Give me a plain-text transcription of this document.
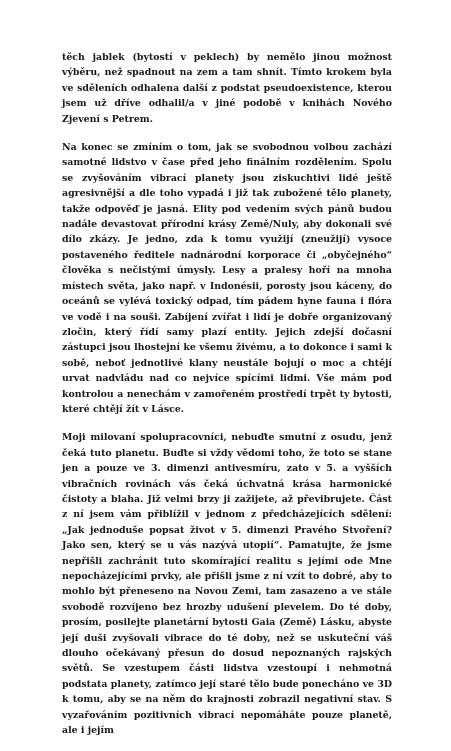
těch jablek (bytostí v peklech) by nemělo jinou možnost výběru, než spadnout na zem a tam shnít. Tímto krokem byla ve sděleních odhalena další z podstat pseudoexistence, kterou jsem už dříve odhalil/a v jiné podobě v knihách Nového Zjevení s Petrem.

Na konec se zmíním o tom, jak se svobodnou volbou zachází samotné lidstvo v čase před jeho finálním rozdělením. Spolu se zvyšováním vibrací planety jsou ziskuchtivi lidé ještě agresivnější a dle toho vypadá i již tak zubožené tělo planety, takže odpověď je jasná. Elity pod vedením svých pánů budou nadále devastovat přírodní krásy Země/Nuly, aby dokonali své dílo zkázy. Je jedno, zda k tomu využijí (zneužijí) vysoce postaveného ředitele nadnárodní korporace či „obyčejného“ člověka s nečistými úmysly. Lesy a pralesy hoří na mnoha místech světa, jako např. v Indonésii, porosty jsou káceny, do oceánů se vylévá toxický odpad, tím pádem hyne fauna i flóra ve vodě i na souši. Zabíjení zvířat i lidí je dobře organizovaný zločin, který řídí samy plazí entity. Jejich zdejší dočasní zástupci jsou lhostejní ke všemu živému, a to dokonce i sami k sobě, neboť jednotlivé klany neustále bojují o moc a chtějí urvat nadvládu nad co nejvíce spícími lidmi. Vše mám pod kontrolou a nenechám v zamořeném prostředí trpět ty bytosti, které chtějí žít v Lásce.

Moji milovaní spolupracovníci, nebuďte smutní z osudu, jenž čeká tuto planetu. Buďte si vždy vědomi toho, že toto se stane jen a pouze ve 3. dimenzi antivesmíru, zato v 5. a vyšších vibračních rovinách vás čeká úchvatná krása harmonické čistoty a blaha. Již velmi brzy ji zažijete, až převibrujete. Část z ní jsem vám přiblížil v jednom z předcházejících sdělení: „Jak jednoduše popsat život v 5. dimenzi Pravého Stvoření? Jako sen, který se u vás nazývá utopií“. Pamatujte, že jsme nepřišli zachránit tuto skomírající realitu s jejími ode Mne nepocházejícími prvky, ale přišli jsme z ní vzít to dobré, aby to mohlo být přeneseno na Novou Zemi, tam zasazeno a ve stále svobodě rozvíjeno bez hrozby udušení plevelem. Do té doby, prosím, posilejte planetární bytosti Gaia (Země) Lásku, abyste její duši zvyšovali vibrace do té doby, než se uskuteční váš dlouho očekávaný přesun do dosud nepoznaných rajských světů. Se vzestupem části lidstva vzestoupí i nehmotná podstata planety, zatímco její staré tělo bude ponecháno ve 3D k tomu, aby se na něm do krajnosti zobrazil negativní stav. S vyzařováním pozitivních vibrací nepomáháte pouze planetě, ale i jejím
